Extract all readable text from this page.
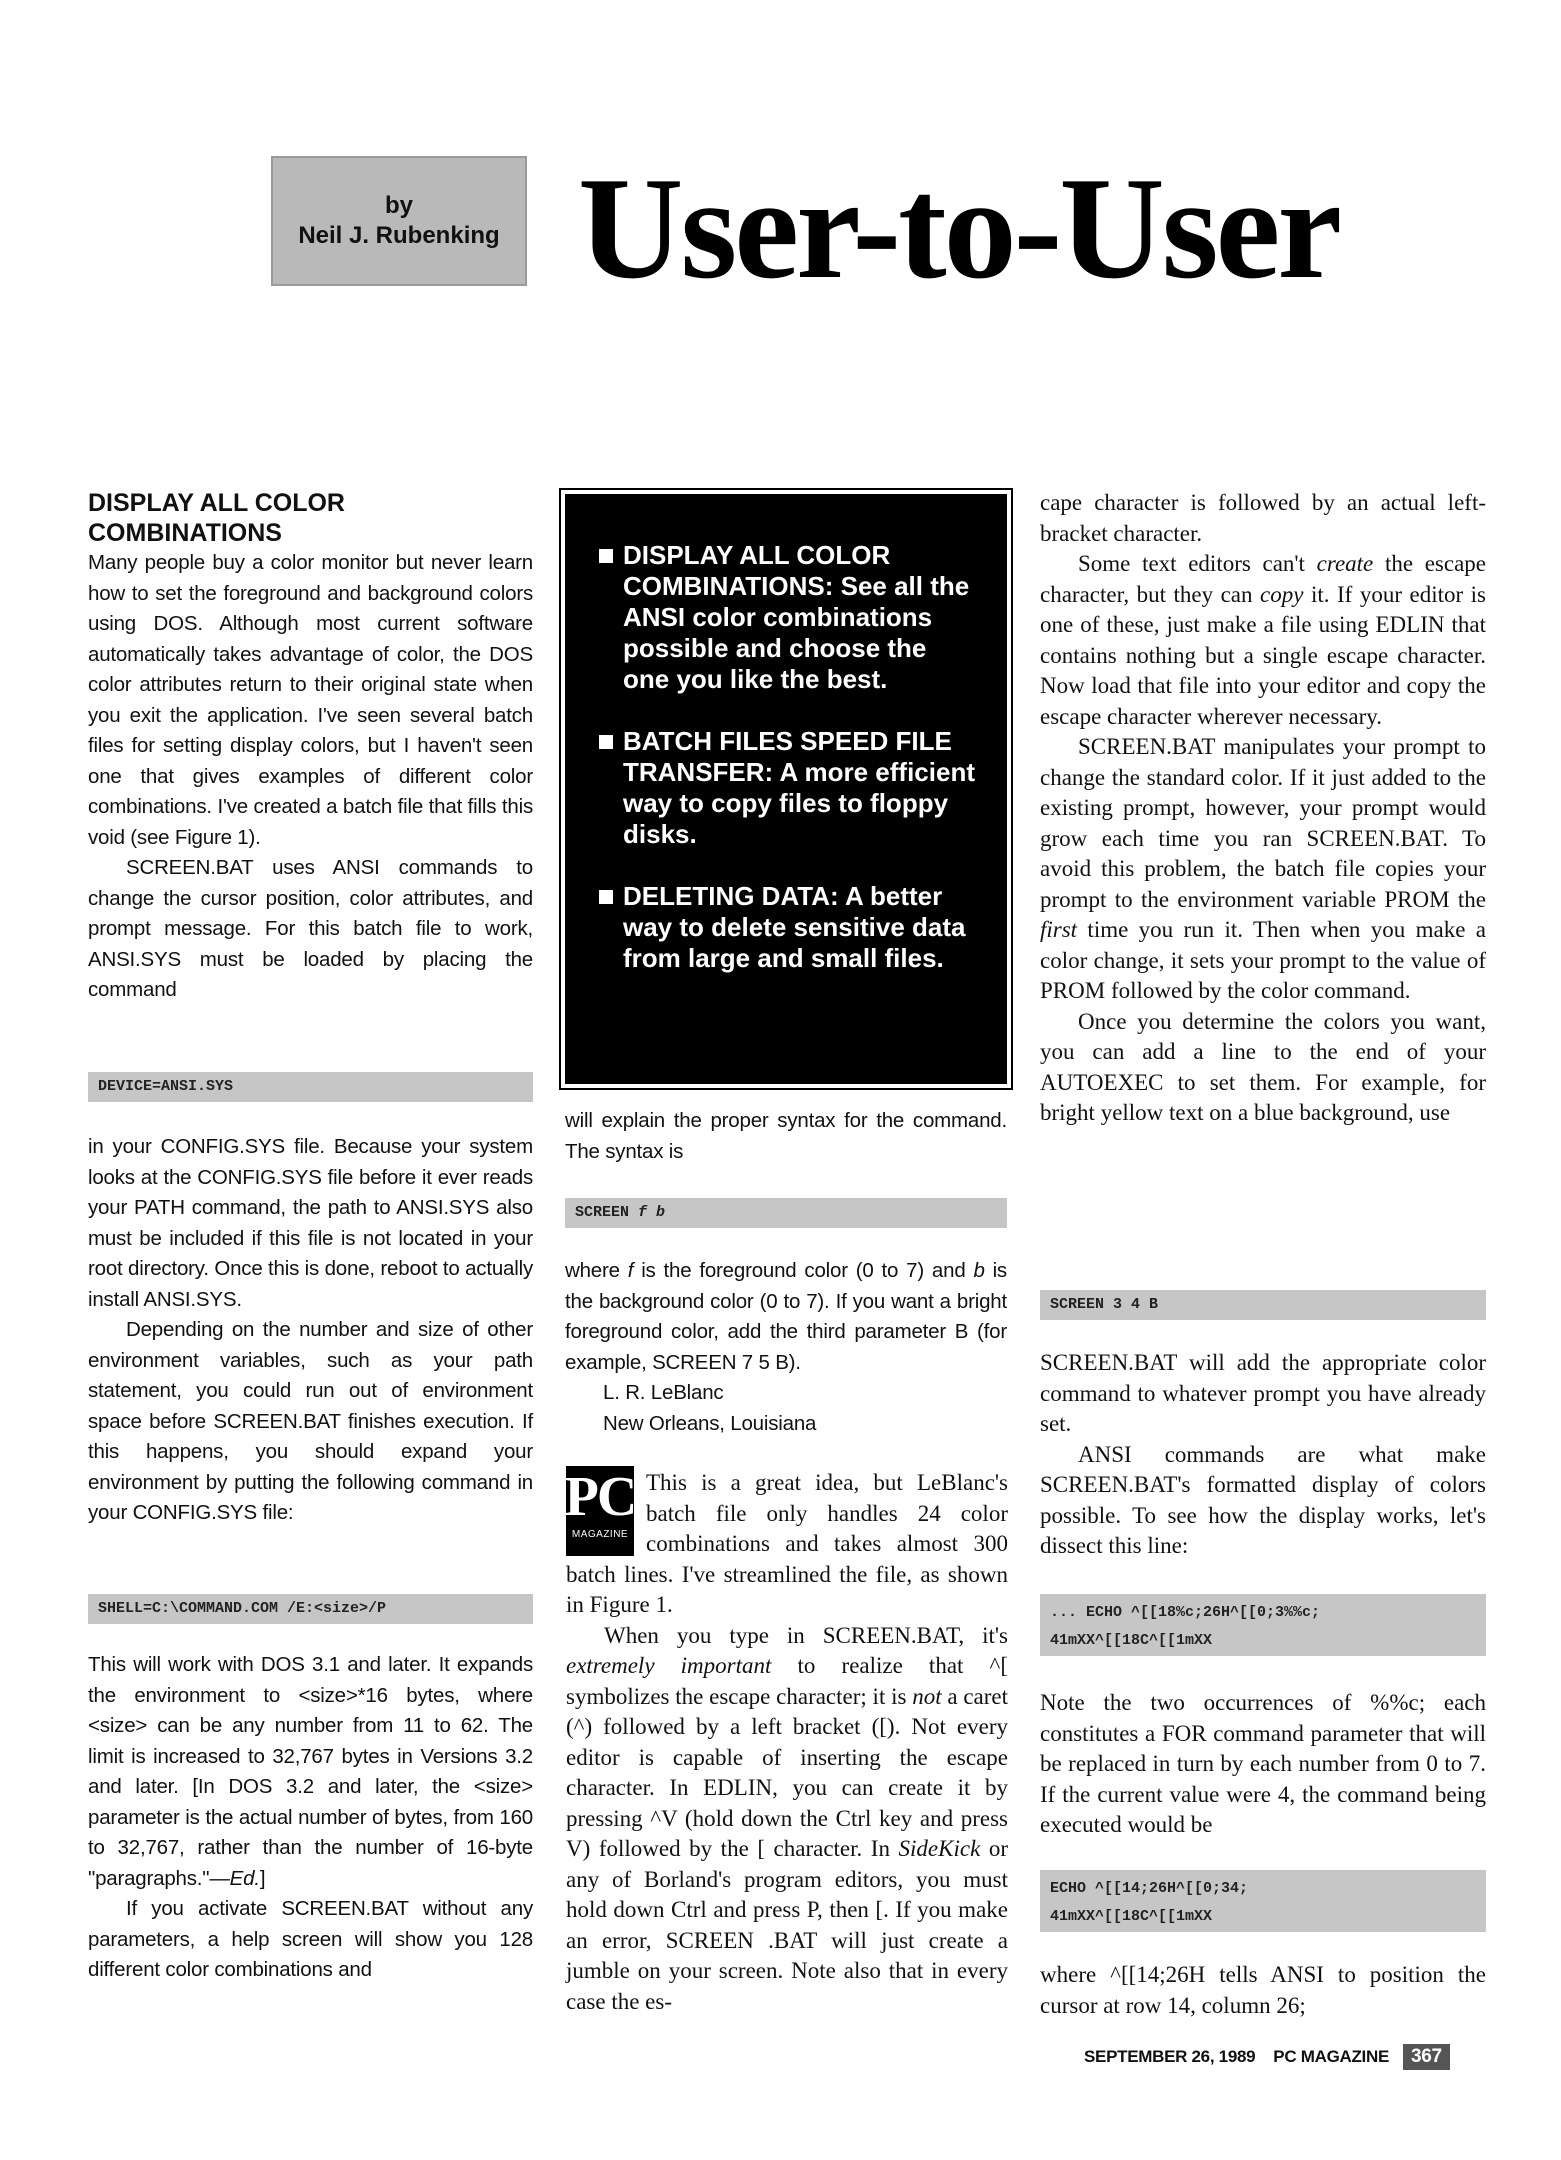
by
Neil J. Rubenking User-to-User
DISPLAY ALL COLOR COMBINATIONS

Many people buy a color monitor but never learn how to set the foreground and background colors using DOS. Although most current software automatically takes advantage of color, the DOS color attributes return to their original state when you exit the application. I've seen several batch files for setting display colors, but I haven't seen one that gives examples of different color combinations. I've created a batch file that fills this void (see Figure 1).

SCREEN.BAT uses ANSI commands to change the cursor position, color attributes, and prompt message. For this batch file to work, ANSI.SYS must be loaded by placing the command

DEVICE=ANSI.SYS

in your CONFIG.SYS file. Because your system looks at the CONFIG.SYS file before it ever reads your PATH command, the path to ANSI.SYS also must be included if this file is not located in your root directory. Once this is done, reboot to actually install ANSI.SYS.

Depending on the number and size of other environment variables, such as your path statement, you could run out of environment space before SCREEN.BAT finishes execution. If this happens, you should expand your environment by putting the following command in your CONFIG.SYS file:

SHELL=C:\COMMAND.COM /E:<size>/P

This will work with DOS 3.1 and later. It expands the environment to <size>*16 bytes, where <size> can be any number from 11 to 62. The limit is increased to 32,767 bytes in Versions 3.2 and later. [In DOS 3.2 and later, the <size> parameter is the actual number of bytes, from 160 to 32,767, rather than the number of 16-byte "paragraphs."—Ed.]

If you activate SCREEN.BAT without any parameters, a help screen will show you 128 different color combinations and

DISPLAY ALL COLOR COMBINATIONS: See all the ANSI color combinations possible and choose the one you like the best.
BATCH FILES SPEED FILE TRANSFER: A more efficient way to copy files to floppy disks.
DELETING DATA: A better way to delete sensitive data from large and small files.

will explain the proper syntax for the command. The syntax is

SCREEN f b

where f is the foreground color (0 to 7) and b is the background color (0 to 7). If you want a bright foreground color, add the third parameter B (for example, SCREEN 7 5 B).

L. R. LeBlanc

New Orleans, Louisiana

PC
MAGAZINE

This is a great idea, but LeBlanc's batch file only handles 24 color combinations and takes almost 300 batch lines. I've streamlined the file, as shown in Figure 1.

When you type in SCREEN.BAT, it's extremely important to realize that ^[ symbolizes the escape character; it is not a caret (^) followed by a left bracket ([). Not every editor is capable of inserting the escape character. In EDLIN, you can create it by pressing ^V (hold down the Ctrl key and press V) followed by the [ character. In SideKick or any of Borland's program editors, you must hold down Ctrl and press P, then [. If you make an error, SCREEN .BAT will just create a jumble on your screen. Note also that in every case the es-

cape character is followed by an actual left-bracket character.

Some text editors can't create the escape character, but they can copy it. If your editor is one of these, just make a file using EDLIN that contains nothing but a single escape character. Now load that file into your editor and copy the escape character wherever necessary.

SCREEN.BAT manipulates your prompt to change the standard color. If it just added to the existing prompt, however, your prompt would grow each time you ran SCREEN.BAT. To avoid this problem, the batch file copies your prompt to the environment variable PROM the first time you run it. Then when you make a color change, it sets your prompt to the value of PROM followed by the color command.

Once you determine the colors you want, you can add a line to the end of your AUTOEXEC to set them. For example, for bright yellow text on a blue background, use

SCREEN 3 4 B

SCREEN.BAT will add the appropriate color command to whatever prompt you have already set.

ANSI commands are what make SCREEN.BAT's formatted display of colors possible. To see how the display works, let's dissect this line:

... ECHO ^[[18%c;26H^[[0;3%%c;
41mXX^[[18C^[[1mXX

Note the two occurrences of %%c; each constitutes a FOR command parameter that will be replaced in turn by each number from 0 to 7. If the current value were 4, the command being executed would be

ECHO ^[[14;26H^[[0;34;
41mXX^[[18C^[[1mXX

where ^[[14;26H tells ANSI to position the cursor at row 14, column 26;

SEPTEMBER 26, 1989 PC MAGAZINE	367
